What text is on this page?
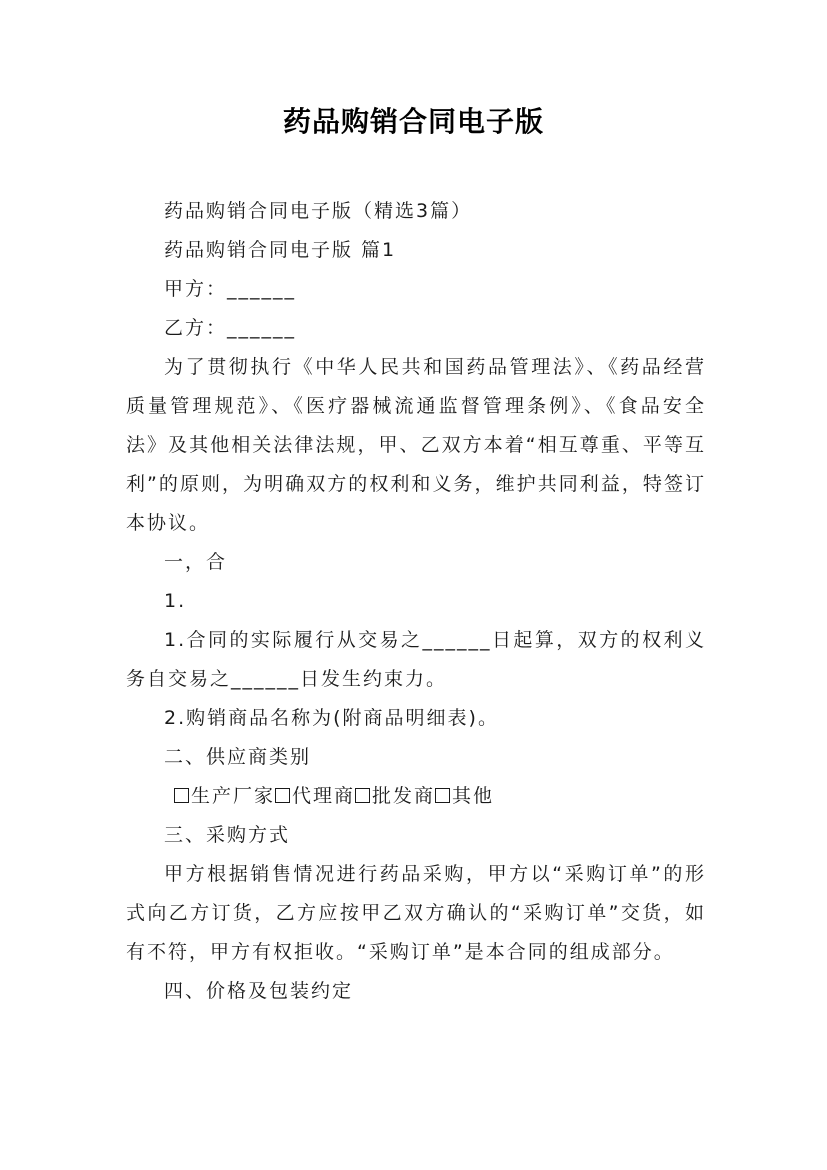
药品购销合同电子版

药品购销合同电子版（精选3篇）

药品购销合同电子版 篇1

甲方：______

乙方：______

为了贯彻执行《中华人民共和国药品管理法》、《药品经营质量管理规范》、《医疗器械流通监督管理条例》、《食品安全法》及其他相关法律法规，甲、乙双方本着“相互尊重、平等互利”的原则，为明确双方的权利和义务，维护共同利益，特签订本协议。

一，合

1.

1.合同的实际履行从交易之______日起算，双方的权利义务自交易之______日发生约束力。

2.购销商品名称为(附商品明细表)。

二、供应商类别

生产厂家 代理商 批发商 其他

三、采购方式

甲方根据销售情况进行药品采购，甲方以“采购订单”的形式向乙方订货，乙方应按甲乙双方确认的“采购订单”交货，如有不符，甲方有权拒收。“采购订单”是本合同的组成部分。

四、价格及包装约定
